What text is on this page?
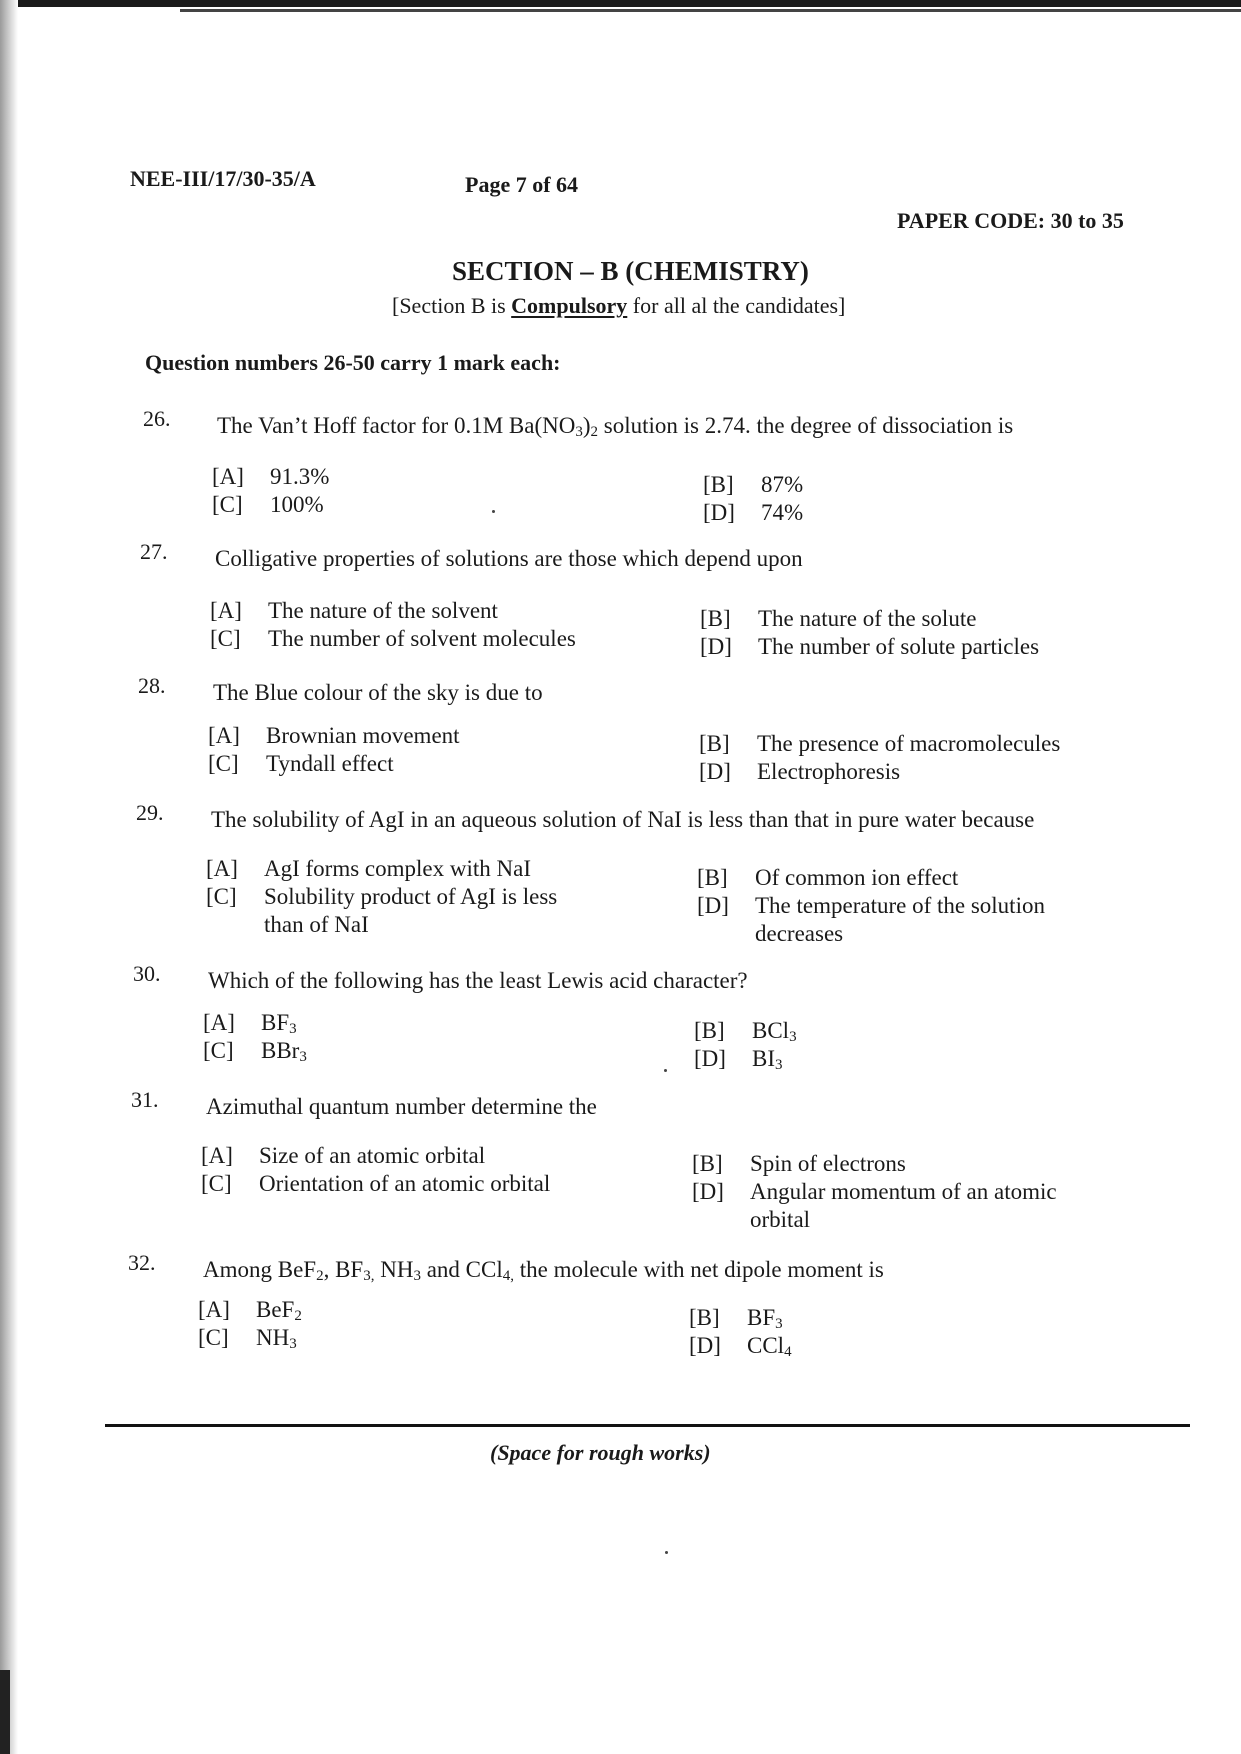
NEE-III/17/30-35/A	Page 7 of 64
PAPER CODE: 30 to 35
SECTION – B (CHEMISTRY)
[Section B is Compulsory for all al the candidates]
Question numbers 26-50 carry 1 mark each:
26. The Van’t Hoff factor for 0.1M $Ba(NO_3)_2$ solution is 2.74. the degree of dissociation is
[A] 91.3%	[B] 87%
[C] 100%	[D] 74%
27. Colligative properties of solutions are those which depend upon
[A] The nature of the solvent	[B] The nature of the solute
[C] The number of solvent molecules	[D] The number of solute particles
28. The Blue colour of the sky is due to
[A] Brownian movement	[B] The presence of macromolecules
[C] Tyndall effect	[D] Electrophoresis
29. The solubility of AgI in an aqueous solution of NaI is less than that in pure water because
[A] AgI forms complex with NaI	[B] Of common ion effect
[C] Solubility product of AgI is less than of NaI
[D] The temperature of the solution decreases
30. Which of the following has the least Lewis acid character?
[A] $BF_3$	[B] BCl$_3$
[C] BBr$_3$	[D] $BI_3$
31. Azimuthal quantum number determine the
[A] Size of an atomic orbital	[B] Spin of electrons
[C] Orientation of an atomic orbital	[D] Angular momentum of an atomic orbital
32. Among BeF$_2$, $BF_{3,}$ $NH_3$ and CCl$_{4,}$ the molecule with net dipole moment is
[A] BeF$_2$	[B] $BF_3$
[C] $NH_3$	[D] CCl$_4$
(Space for rough works)
